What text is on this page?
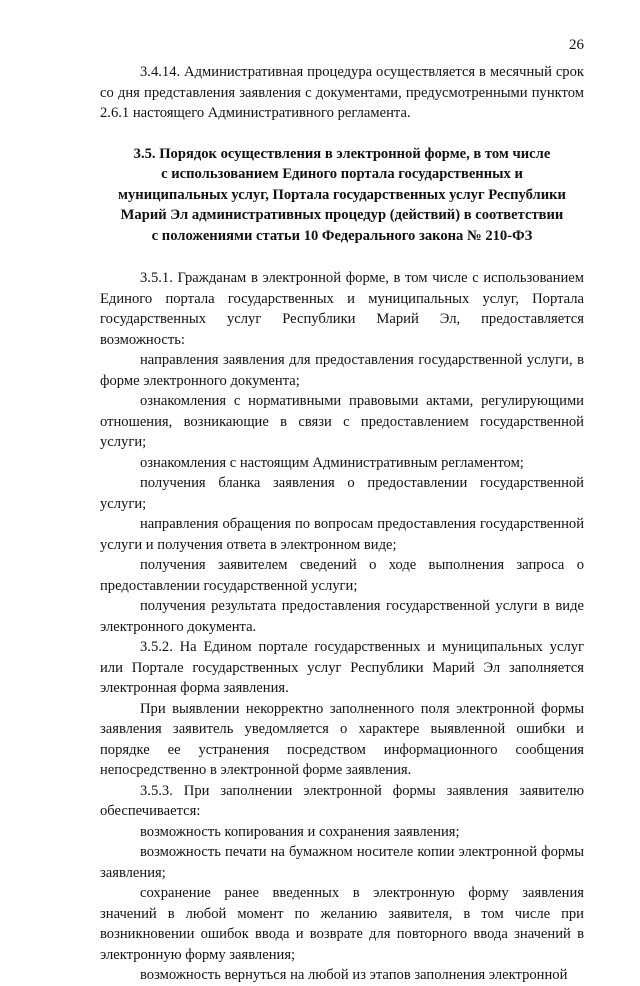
26

3.4.14. Административная процедура осуществляется в месячный срок со дня представления заявления с документами, предусмотренными пунктом 2.6.1 настоящего Административного регламента.

3.5. Порядок осуществления в электронной форме, в том числе
с использованием Единого портала государственных и
муниципальных услуг, Портала государственных услуг Республики
Марий Эл административных процедур (действий) в соответствии
с положениями статьи 10 Федерального закона № 210-ФЗ

3.5.1. Гражданам в электронной форме, в том числе с использованием Единого портала государственных и муниципальных услуг, Портала государственных услуг Республики Марий Эл, предоставляется возможность:

направления заявления для предоставления государственной услуги, в форме электронного документа;

ознакомления с нормативными правовыми актами, регулирующими отношения, возникающие в связи с предоставлением государственной услуги;

ознакомления с настоящим Административным регламентом;

получения бланка заявления о предоставлении государственной услуги;

направления обращения по вопросам предоставления государственной услуги и получения ответа в электронном виде;

получения заявителем сведений о ходе выполнения запроса о предоставлении государственной услуги;

получения результата предоставления государственной услуги в виде электронного документа.

3.5.2. На Едином портале государственных и муниципальных услуг или Портале государственных услуг Республики Марий Эл заполняется электронная форма заявления.

При выявлении некорректно заполненного поля электронной формы заявления заявитель уведомляется о характере выявленной ошибки и порядке ее устранения посредством информационного сообщения непосредственно в электронной форме заявления.

3.5.3. При заполнении электронной формы заявления заявителю обеспечивается:

возможность копирования и сохранения заявления;

возможность печати на бумажном носителе копии электронной формы заявления;

сохранение ранее введенных в электронную форму заявления значений в любой момент по желанию заявителя, в том числе при возникновении ошибок ввода и возврате для повторного ввода значений в электронную форму заявления;

возможность вернуться на любой из этапов заполнения электронной
